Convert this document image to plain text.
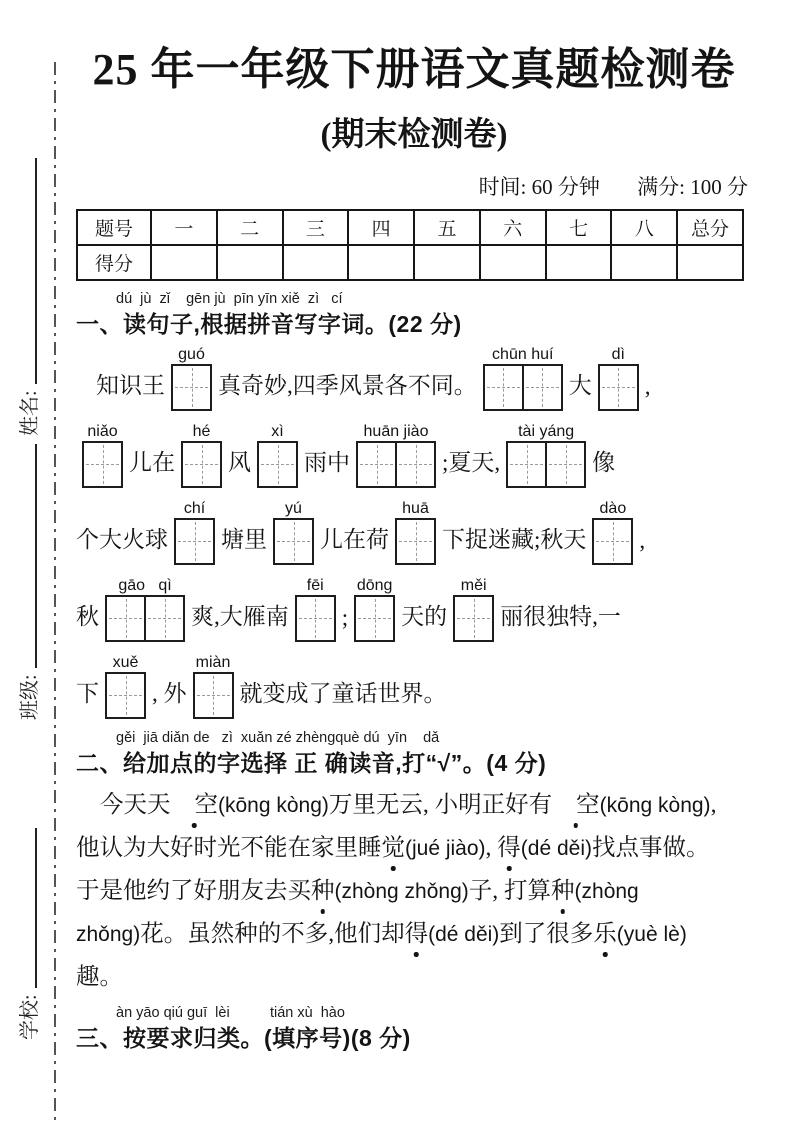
姓名:
班级:
学校:
25 年一年级下册语文真题检测卷
(期末检测卷)
时间: 60 分钟 满分: 100 分
题号	一	二	三	四	五	六	七	八	总分
得分									
dú  jù  zǐ    gēn jù  pīn yīn xiě  zì   cí
一、读句子,根据拼音写字词。(22 分)
知识王
guó
真奇妙,四季风景各不同。
chūn huí
大
dì
,
niǎo
儿在
hé
风
xì
雨中
huān jiào
;夏天,
tài yáng
像
个大火球
chí
塘里
yú
儿在荷
huā
下捉迷藏;秋天
dào
,
秋
gāo   qì
爽,大雁南
fēi
;
dōng
天的
měi
丽很独特,一
下
xuě
, 外
miàn
就变成了童话世界。
gěi  jiā diǎn de   zì  xuǎn zé zhèngquè dú  yīn    dǎ
二、给加点的字选择 正 确读音,打“√”。(4 分)
今天天 空(kōng kòng)万里无云, 小明正好有 空(kōng kòng),
他认为大好时光不能在家里睡觉(jué jiào), 得(dé děi)找点事做。
于是他约了好朋友去买种(zhòng zhǒng)子, 打算种(zhòng
zhǒng)花。虽然种的不多,他们却得(dé děi)到了很多乐(yuè lè)
趣。
àn yāo qiú guī  lèi          tián xù  hào
三、按要求归类。(填序号)(8 分)
